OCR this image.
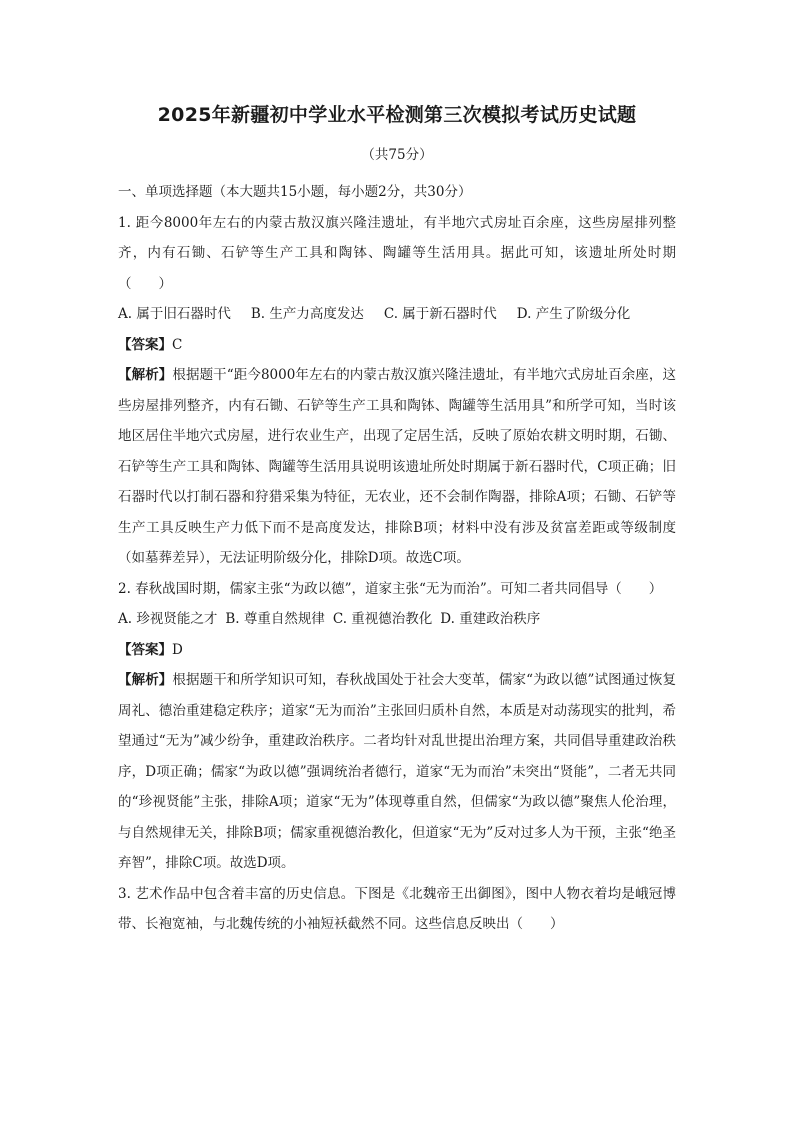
2025年新疆初中学业水平检测第三次模拟考试历史试题
（共75分）

一、单项选择题（本大题共15小题，每小题2分，共30分）

1. 距今8000年左右的内蒙古敖汉旗兴隆洼遗址，有半地穴式房址百余座，这些房屋排列整齐，内有石锄、石铲等生产工具和陶钵、陶罐等生活用具。据此可知，该遗址所处时期（　　）

A. 属于旧石器时代 B. 生产力高度发达 C. 属于新石器时代 D. 产生了阶级分化

【答案】C

【解析】根据题干“距今8000年左右的内蒙古敖汉旗兴隆洼遗址，有半地穴式房址百余座，这些房屋排列整齐，内有石锄、石铲等生产工具和陶钵、陶罐等生活用具”和所学可知，当时该地区居住半地穴式房屋，进行农业生产，出现了定居生活，反映了原始农耕文明时期，石锄、石铲等生产工具和陶钵、陶罐等生活用具说明该遗址所处时期属于新石器时代，C项正确；旧石器时代以打制石器和狩猎采集为特征，无农业，还不会制作陶器，排除A项；石锄、石铲等生产工具反映生产力低下而不是高度发达，排除B项；材料中没有涉及贫富差距或等级制度（如墓葬差异），无法证明阶级分化，排除D项。故选C项。

2. 春秋战国时期，儒家主张“为政以德”，道家主张“无为而治”。可知二者共同倡导（　　）

A. 珍视贤能之才 B. 尊重自然规律 C. 重视德治教化 D. 重建政治秩序

【答案】D

【解析】根据题干和所学知识可知，春秋战国处于社会大变革，儒家“为政以德”试图通过恢复周礼、德治重建稳定秩序；道家“无为而治”主张回归质朴自然，本质是对动荡现实的批判，希望通过“无为”减少纷争，重建政治秩序。二者均针对乱世提出治理方案，共同倡导重建政治秩序，D项正确；儒家“为政以德”强调统治者德行，道家“无为而治”未突出“贤能”，二者无共同的“珍视贤能”主张，排除A项；道家“无为”体现尊重自然，但儒家“为政以德”聚焦人伦治理，与自然规律无关，排除B项；儒家重视德治教化，但道家“无为”反对过多人为干预，主张“绝圣弃智”，排除C项。故选D项。

3. 艺术作品中包含着丰富的历史信息。下图是《北魏帝王出御图》，图中人物衣着均是峨冠博带、长袍宽袖，与北魏传统的小袖短袄截然不同。这些信息反映出（　　）
